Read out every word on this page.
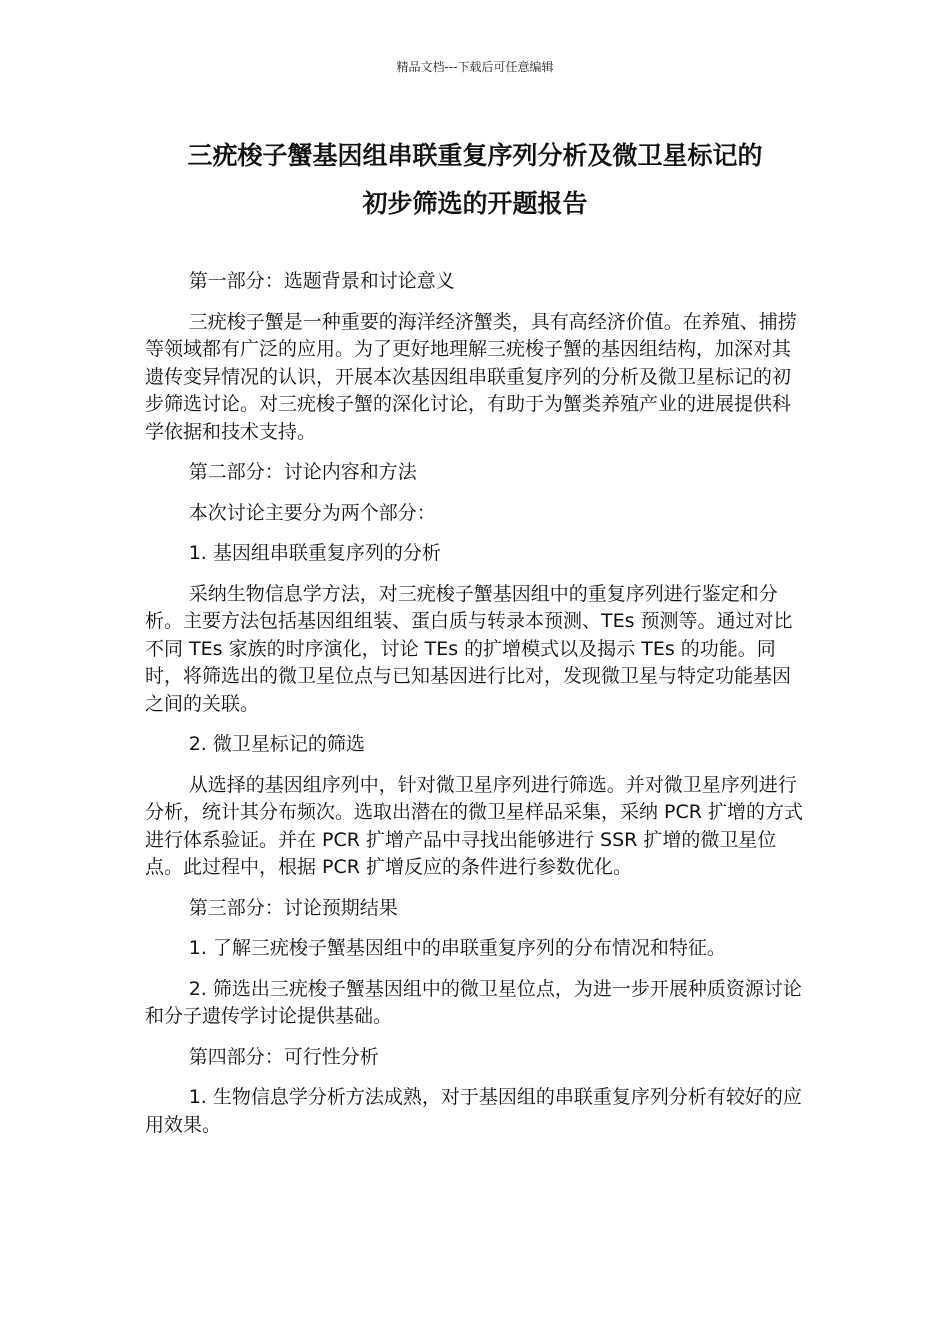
精品文档---下载后可任意编辑
三疣梭子蟹基因组串联重复序列分析及微卫星标记的
初步筛选的开题报告

第一部分：选题背景和讨论意义

三疣梭子蟹是一种重要的海洋经济蟹类，具有高经济价值。在养殖、捕捞等领域都有广泛的应用。为了更好地理解三疣梭子蟹的基因组结构，加深对其遗传变异情况的认识，开展本次基因组串联重复序列的分析及微卫星标记的初步筛选讨论。对三疣梭子蟹的深化讨论，有助于为蟹类养殖产业的进展提供科学依据和技术支持。

第二部分：讨论内容和方法

本次讨论主要分为两个部分：

1. 基因组串联重复序列的分析

采纳生物信息学方法，对三疣梭子蟹基因组中的重复序列进行鉴定和分析。主要方法包括基因组组装、蛋白质与转录本预测、TEs 预测等。通过对比不同 TEs 家族的时序演化，讨论 TEs 的扩增模式以及揭示 TEs 的功能。同时，将筛选出的微卫星位点与已知基因进行比对，发现微卫星与特定功能基因之间的关联。

2. 微卫星标记的筛选

从选择的基因组序列中，针对微卫星序列进行筛选。并对微卫星序列进行分析，统计其分布频次。选取出潜在的微卫星样品采集，采纳 PCR 扩增的方式进行体系验证。并在 PCR 扩增产品中寻找出能够进行 SSR 扩增的微卫星位点。此过程中，根据 PCR 扩增反应的条件进行参数优化。

第三部分：讨论预期结果

1. 了解三疣梭子蟹基因组中的串联重复序列的分布情况和特征。

2. 筛选出三疣梭子蟹基因组中的微卫星位点，为进一步开展种质资源讨论和分子遗传学讨论提供基础。

第四部分：可行性分析

1. 生物信息学分析方法成熟，对于基因组的串联重复序列分析有较好的应用效果。
